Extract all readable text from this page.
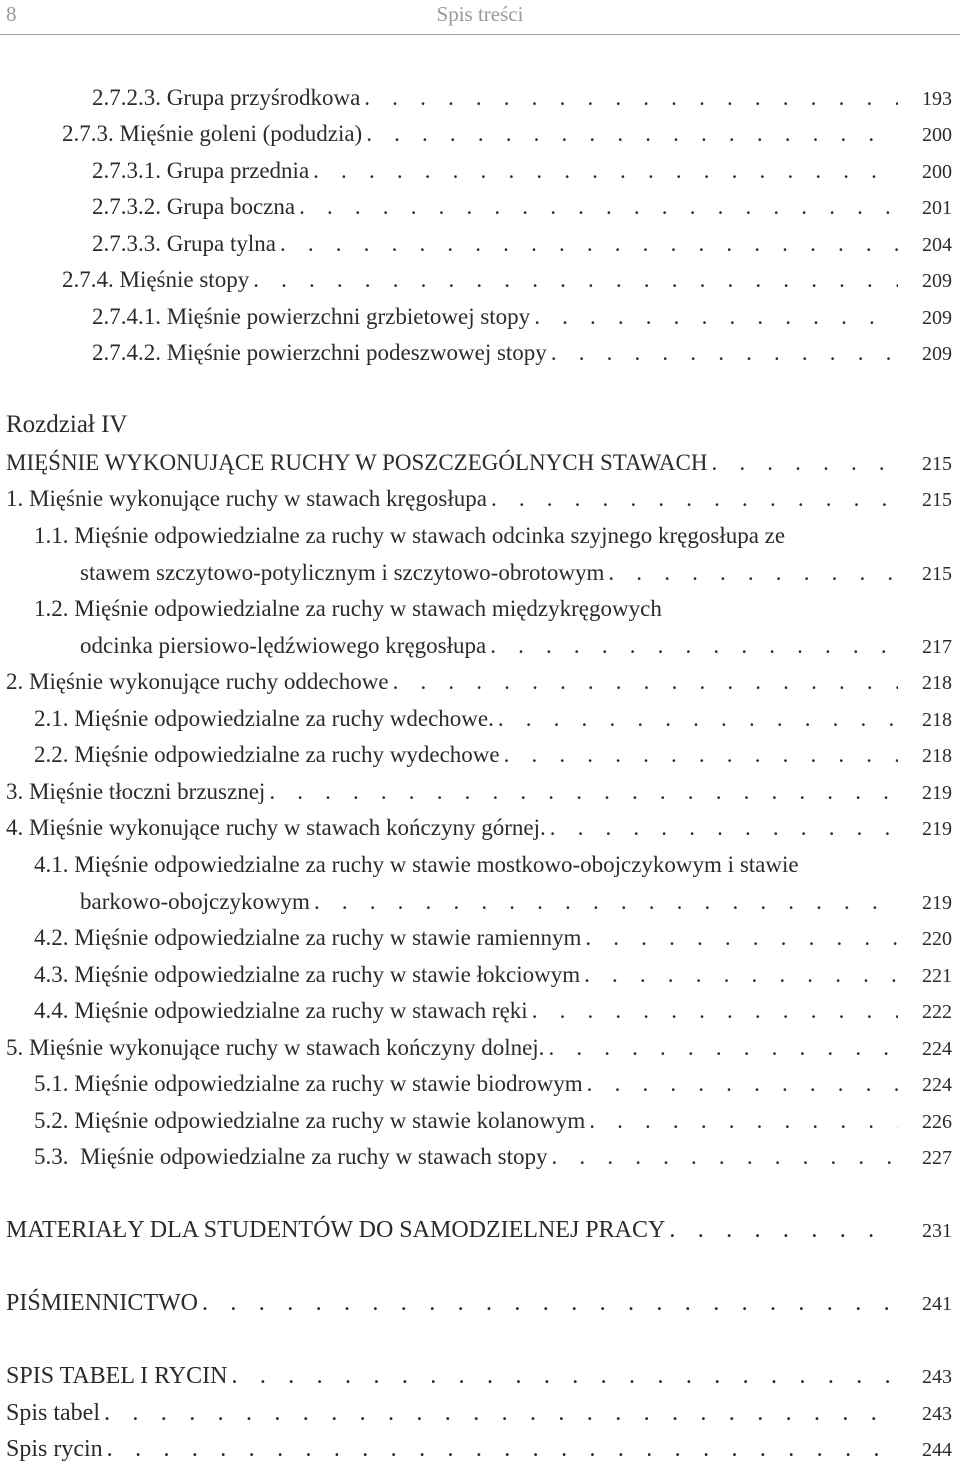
8	Spis treści
2.7.2.3. Grupa przyśrodkowa . . .	193
2.7.3. Mięśnie goleni (podudzia) . . .	200
2.7.3.1. Grupa przednia . . .	200
2.7.3.2. Grupa boczna . . .	201
2.7.3.3. Grupa tylna . . .	204
2.7.4. Mięśnie stopy . . .	209
2.7.4.1. Mięśnie powierzchni grzbietowej stopy . . .	209
2.7.4.2. Mięśnie powierzchni podeszwowej stopy . . .	209
Rozdział IV
MIĘŚNIE WYKONUJĄCE RUCHY W POSZCZEGÓLNYCH STAWACH . . .	215
1. Mięśnie wykonujące ruchy w stawach kręgosłupa . . .	215
1.1. Mięśnie odpowiedzialne za ruchy w stawach odcinka szyjnego kręgosłupa ze
stawem szczytowo-potylicznym i szczytowo-obrotowym . . .	215
1.2. Mięśnie odpowiedzialne za ruchy w stawach międzykręgowych
odcinka piersiowo-lędźwiowego kręgosłupa . . .	217
2. Mięśnie wykonujące ruchy oddechowe . . .	218
2.1. Mięśnie odpowiedzialne za ruchy wdechowe. . . .	218
2.2. Mięśnie odpowiedzialne za ruchy wydechowe . . .	218
3. Mięśnie tłoczni brzusznej . . .	219
4. Mięśnie wykonujące ruchy w stawach kończyny górnej. . . .	219
4.1. Mięśnie odpowiedzialne za ruchy w stawie mostkowo-obojczykowym i stawie
barkowo-obojczykowym . . .	219
4.2. Mięśnie odpowiedzialne za ruchy w stawie ramiennym . . .	220
4.3. Mięśnie odpowiedzialne za ruchy w stawie łokciowym . . .	221
4.4. Mięśnie odpowiedzialne za ruchy w stawach ręki . . .	222
5. Mięśnie wykonujące ruchy w stawach kończyny dolnej. . . .	224
5.1. Mięśnie odpowiedzialne za ruchy w stawie biodrowym . . .	224
5.2. Mięśnie odpowiedzialne za ruchy w stawie kolanowym . . .	226
5.3.  Mięśnie odpowiedzialne za ruchy w stawach stopy . . .	227
MATERIAŁY DLA STUDENTÓW DO SAMODZIELNEJ PRACY . . .	231
PIŚMIENNICTWO . . .	241
SPIS TABEL I RYCIN . . .	243
Spis tabel . . .	243
Spis rycin . . .	244
